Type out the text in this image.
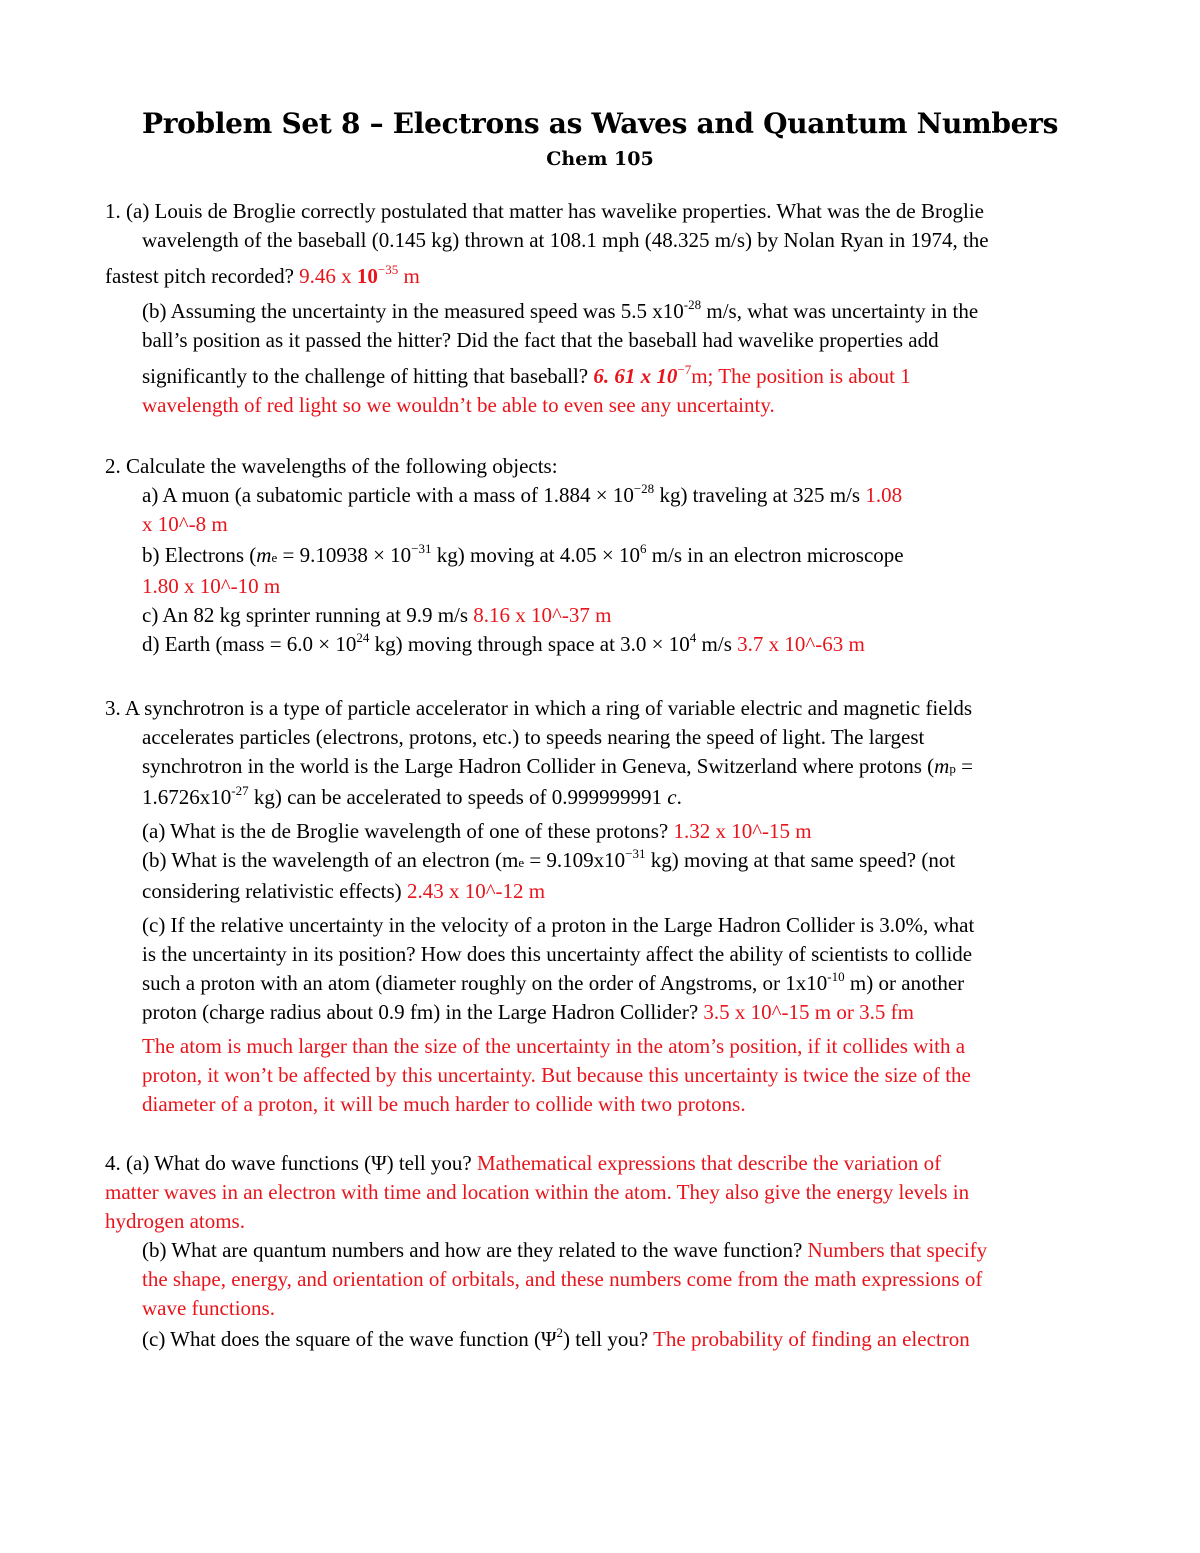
Problem Set 8 – Electrons as Waves and Quantum Numbers
Chem 105

1. (a) Louis de Broglie correctly postulated that matter has wavelike properties. What was the de Broglie
wavelength of the baseball (0.145 kg) thrown at 108.1 mph (48.325 m/s) by Nolan Ryan in 1974, the
fastest pitch recorded? 9.46 x $10^{-35}$ m

(b) Assuming the uncertainty in the measured speed was 5.5 $x10^{-28}$ m/s, what was uncertainty in the
ball’s position as it passed the hitter? Did the fact that the baseball had wavelike properties add
significantly to the challenge of hitting that baseball? 6. 61 x $10^{-7}m$; The position is about 1
wavelength of red light so we wouldn’t be able to even see any uncertainty.

2. Calculate the wavelengths of the following objects:

a) A muon (a subatomic particle with a mass of $1.884 \times 10^{-28}$ kg) traveling at 325 m/s 1.08
x 10^-8 m

b) Electrons ($me = 9.10938 \times 10^{-31}$ kg) moving at $4.05 \times 10^6$ m/s in an electron microscope
1.80 x 10^-10 m

c) An 82 kg sprinter running at 9.9 m/s 8.16 x 10^-37 m

d) Earth (mass = $6.0 \times 10^{24}$ kg) moving through space at $3.0 \times 10^4$ m/s 3.7 x 10^-63 m

3. A synchrotron is a type of particle accelerator in which a ring of variable electric and magnetic fields
accelerates particles (electrons, protons, etc.) to speeds nearing the speed of light. The largest
synchrotron in the world is the Large Hadron Collider in Geneva, Switzerland where protons (mp =
$1.6726x10^{-27}$ kg) can be accelerated to speeds of 0.999999991 c.

(a) What is the de Broglie wavelength of one of these protons? 1.32 x 10^-15 m

(b) What is the wavelength of an electron ($me = 9.109x10^{-31}$ kg) moving at that same speed? (not
considering relativistic effects) 2.43 x 10^-12 m

(c) If the relative uncertainty in the velocity of a proton in the Large Hadron Collider is 3.0%, what
is the uncertainty in its position? How does this uncertainty affect the ability of scientists to collide
such a proton with an atom (diameter roughly on the order of Angstroms, or $1x10^{-10}$ m) or another
proton (charge radius about 0.9 fm) in the Large Hadron Collider? 3.5 x 10^-15 m or 3.5 fm

The atom is much larger than the size of the uncertainty in the atom’s position, if it collides with a
proton, it won’t be affected by this uncertainty. But because this uncertainty is twice the size of the
diameter of a proton, it will be much harder to collide with two protons.

4. (a) What do wave functions (Ψ) tell you? Mathematical expressions that describe the variation of
matter waves in an electron with time and location within the atom. They also give the energy levels in
hydrogen atoms.

(b) What are quantum numbers and how are they related to the wave function? Numbers that specify
the shape, energy, and orientation of orbitals, and these numbers come from the math expressions of
wave functions.

(c) What does the square of the wave function $(\Psi^2)$ tell you? The probability of finding an electron
